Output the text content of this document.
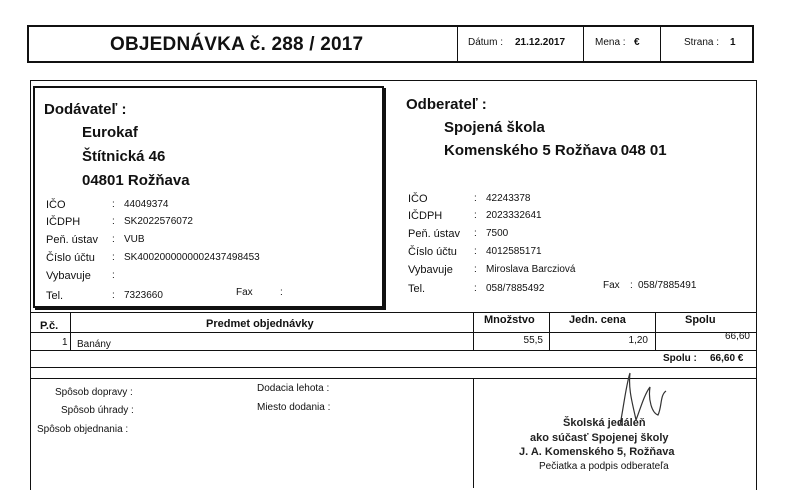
OBJEDNÁVKA č. 288 / 2017	Dátum : 21.12.2017	Mena : €	Strana : 1
Dodávateľ :
Eurokaf
Štítnická 46
04801 Rožňava
IČO	: 44049374
IČDPH	: SK2022576072
Peň. ústav : VUB
Číslo účtu : SK4002000000002437498453
Vybavuje :
Tel.	: 7323660	Fax	:
Odberateľ :
Spojená škola
Komenského 5 Rožňava 048 01
IČO	: 42243378
IČDPH	: 2023332641
Peň. ústav : 7500
Číslo účtu : 4012585171
Vybavuje : Miroslava Barcziová
Tel.	: 058/7885492	Fax : 058/7885491
P.č.	Predmet objednávky	Množstvo	Jedn. cena	Spolu
1 Banány	55,5	1,20	66,60
Spolu : 66,60 €
Spôsob dopravy :
Spôsob úhrady :
Spôsob objednania :
Dodacia lehota :
Miesto dodania :
Školská jedáleň
ako súčasť Spojenej školy
J. A. Komenského 5, Rožňava
Pečiatka a podpis odberateľa
